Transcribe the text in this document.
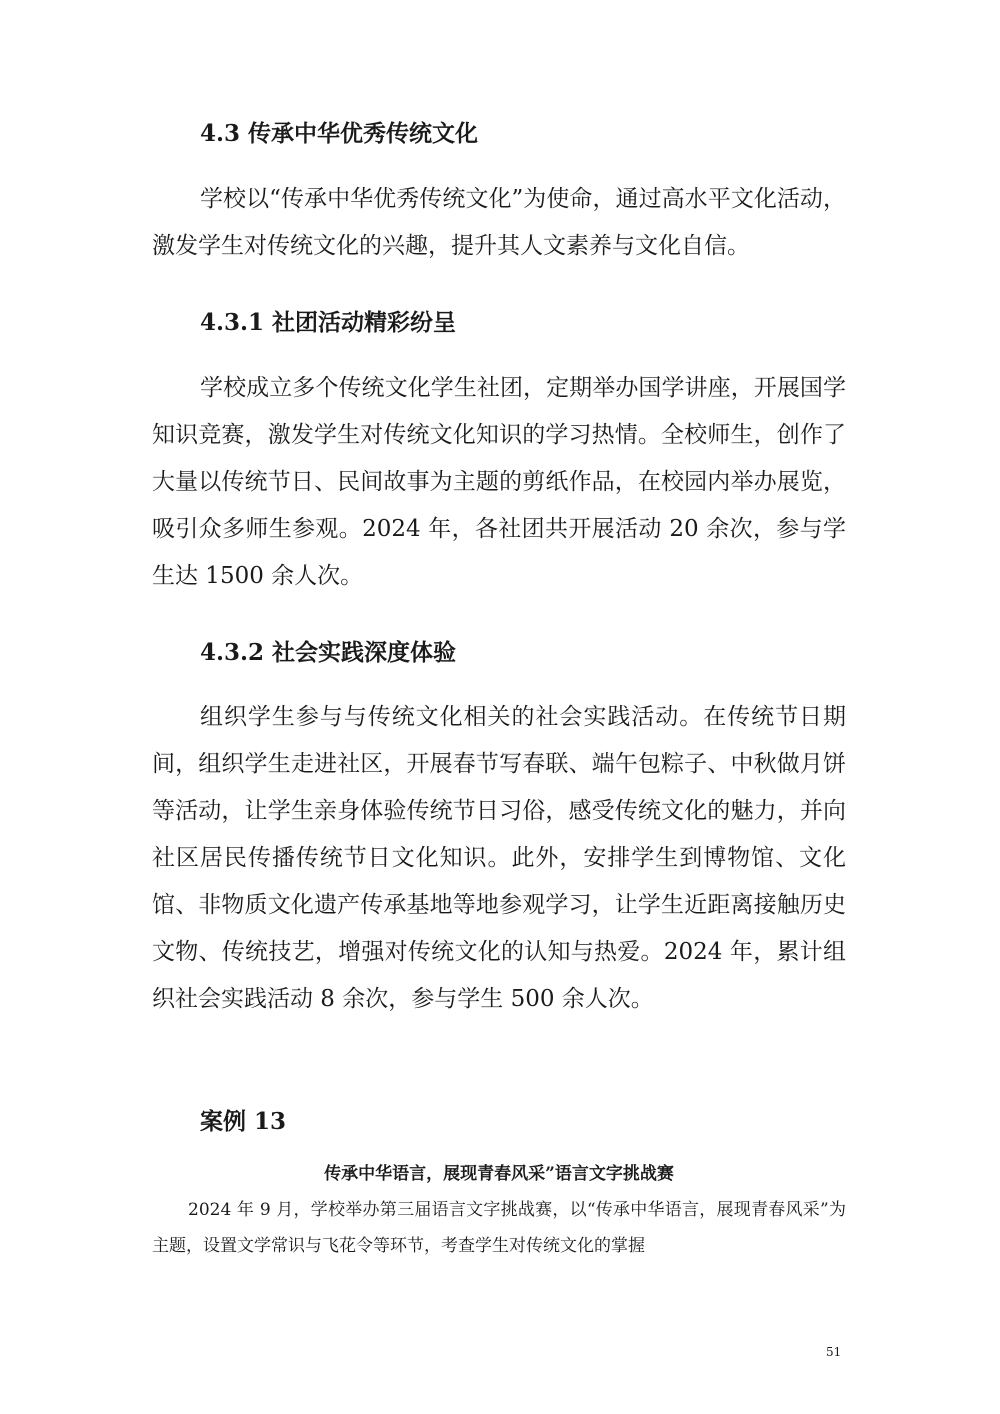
4.3 传承中华优秀传统文化

学校以“传承中华优秀传统文化”为使命，通过高水平文化活动，激发学生对传统文化的兴趣，提升其人文素养与文化自信。

4.3.1 社团活动精彩纷呈

学校成立多个传统文化学生社团，定期举办国学讲座，开展国学知识竞赛，激发学生对传统文化知识的学习热情。全校师生，创作了大量以传统节日、民间故事为主题的剪纸作品，在校园内举办展览，吸引众多师生参观。2024 年，各社团共开展活动 20 余次，参与学生达 1500 余人次。

4.3.2 社会实践深度体验

组织学生参与与传统文化相关的社会实践活动。在传统节日期间，组织学生走进社区，开展春节写春联、端午包粽子、中秋做月饼等活动，让学生亲身体验传统节日习俗，感受传统文化的魅力，并向社区居民传播传统节日文化知识。此外，安排学生到博物馆、文化馆、非物质文化遗产传承基地等地参观学习，让学生近距离接触历史文物、传统技艺，增强对传统文化的认知与热爱。2024 年，累计组织社会实践活动 8 余次，参与学生 500 余人次。

案例 13
传承中华语言，展现青春风采”语言文字挑战赛

2024 年 9 月，学校举办第三届语言文字挑战赛，以“传承中华语言，展现青春风采”为主题，设置文学常识与飞花令等环节，考查学生对传统文化的掌握

51
